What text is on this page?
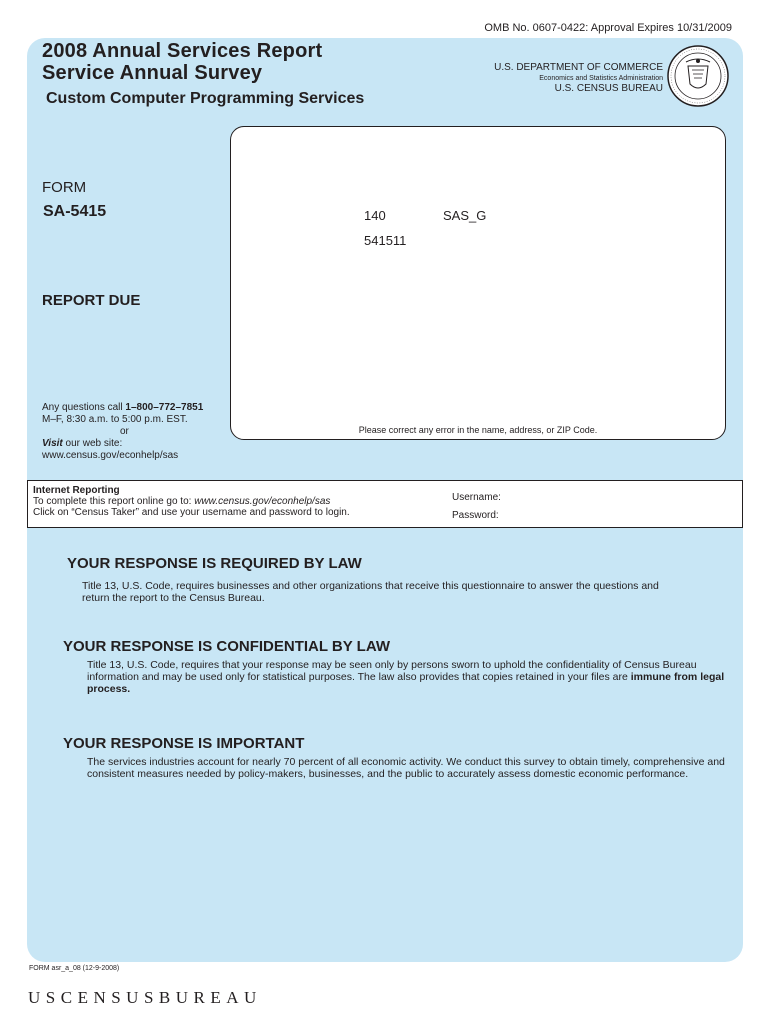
OMB No. 0607-0422: Approval Expires 10/31/2009
2008 Annual Services Report
Service Annual Survey
Custom Computer Programming Services
U.S. DEPARTMENT OF COMMERCE
Economics and Statistics Administration
U.S. CENSUS BUREAU
140	SAS_G
541511
Please correct any error in the name, address, or ZIP Code.
FORM
SA-5415
REPORT DUE
Any questions call 1–800–772–7851
M–F, 8:30 a.m. to 5:00 p.m. EST.
or
Visit our web site:
www.census.gov/econhelp/sas
Internet Reporting
To complete this report online go to: www.census.gov/econhelp/sas
Click on “Census Taker” and use your username and password to login.
Username:
Password:
YOUR RESPONSE IS REQUIRED BY LAW
Title 13, U.S. Code, requires businesses and other organizations that receive this questionnaire to answer the questions and return the report to the Census Bureau.
YOUR RESPONSE IS CONFIDENTIAL BY LAW
Title 13, U.S. Code, requires that your response may be seen only by persons sworn to uphold the confidentiality of Census Bureau information and may be used only for statistical purposes. The law also provides that copies retained in your files are immune from legal process.
YOUR RESPONSE IS IMPORTANT
The services industries account for nearly 70 percent of all economic activity. We conduct this survey to obtain timely, comprehensive and consistent measures needed by policy-makers, businesses, and the public to accurately assess domestic economic performance.
FORM asr_a_08 (12-9-2008)
USCENSUSBUREAU
